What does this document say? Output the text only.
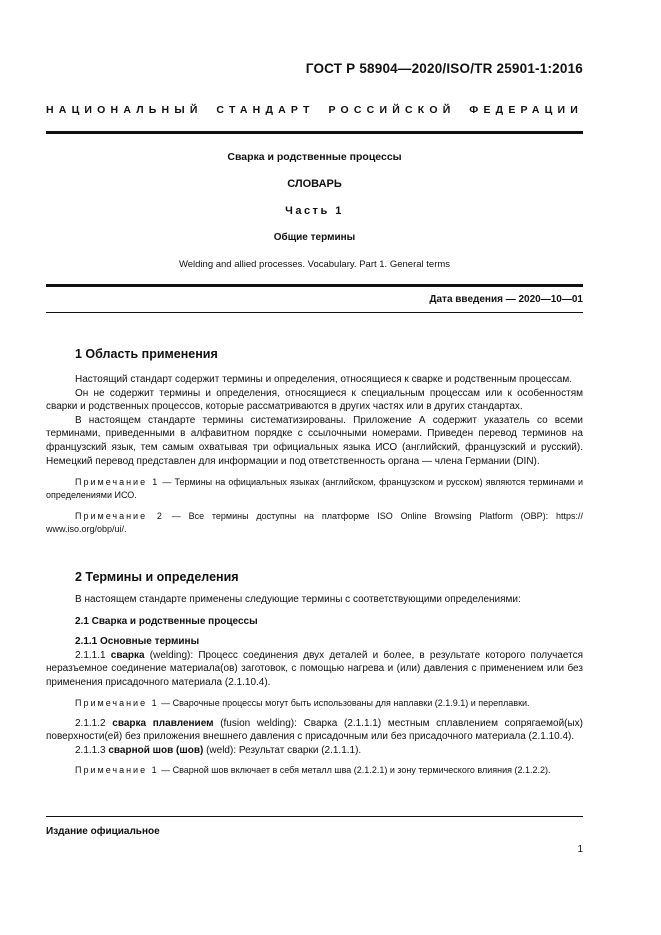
ГОСТ Р 58904—2020/ISO/TR 25901-1:2016
НАЦИОНАЛЬНЫЙ СТАНДАРТ РОССИЙСКОЙ ФЕДЕРАЦИИ
Сварка и родственные процессы
СЛОВАРЬ
Часть 1
Общие термины
Welding and allied processes. Vocabulary. Part 1. General terms
Дата введения — 2020—10—01
1 Область применения

Настоящий стандарт содержит термины и определения, относящиеся к сварке и родственным процессам.

Он не содержит термины и определения, относящиеся к специальным процессам или к особенностям сварки и родственных процессов, которые рассматриваются в других частях или в других стандартах.

В настоящем стандарте термины систематизированы. Приложение А содержит указатель со всеми терминами, приведенными в алфавитном порядке с ссылочными номерами. Приведен перевод терминов на французский язык, тем самым охватывая три официальных языка ИСО (английский, французский и русский). Немецкий перевод представлен для информации и под ответственность органа — члена Германии (DIN).

Примечание 1 — Термины на официальных языках (английском, французском и русском) являются терминами и определениями ИСО.

Примечание 2 — Все термины доступны на платформе ISO Online Browsing Platform (OBP): https:// www.iso.org/obp/ui/.

2 Термины и определения

В настоящем стандарте применены следующие термины с соответствующими определениями:

2.1 Сварка и родственные процессы

2.1.1 Основные термины

2.1.1.1 сварка (welding): Процесс соединения двух деталей и более, в результате которого получается неразъемное соединение материала(ов) заготовок, с помощью нагрева и (или) давления с применением или без применения присадочного материала (2.1.10.4).

Примечание 1 — Сварочные процессы могут быть использованы для наплавки (2.1.9.1) и переплавки.

2.1.1.2 сварка плавлением (fusion welding): Сварка (2.1.1.1) местным сплавлением сопрягаемой(ых) поверхности(ей) без приложения внешнего давления с присадочным или без присадочного материала (2.1.10.4).

2.1.1.3 сварной шов (шов) (weld): Результат сварки (2.1.1.1).

Примечание 1 — Сварной шов включает в себя металл шва (2.1.2.1) и зону термического влияния (2.1.2.2).

Издание официальное
1
